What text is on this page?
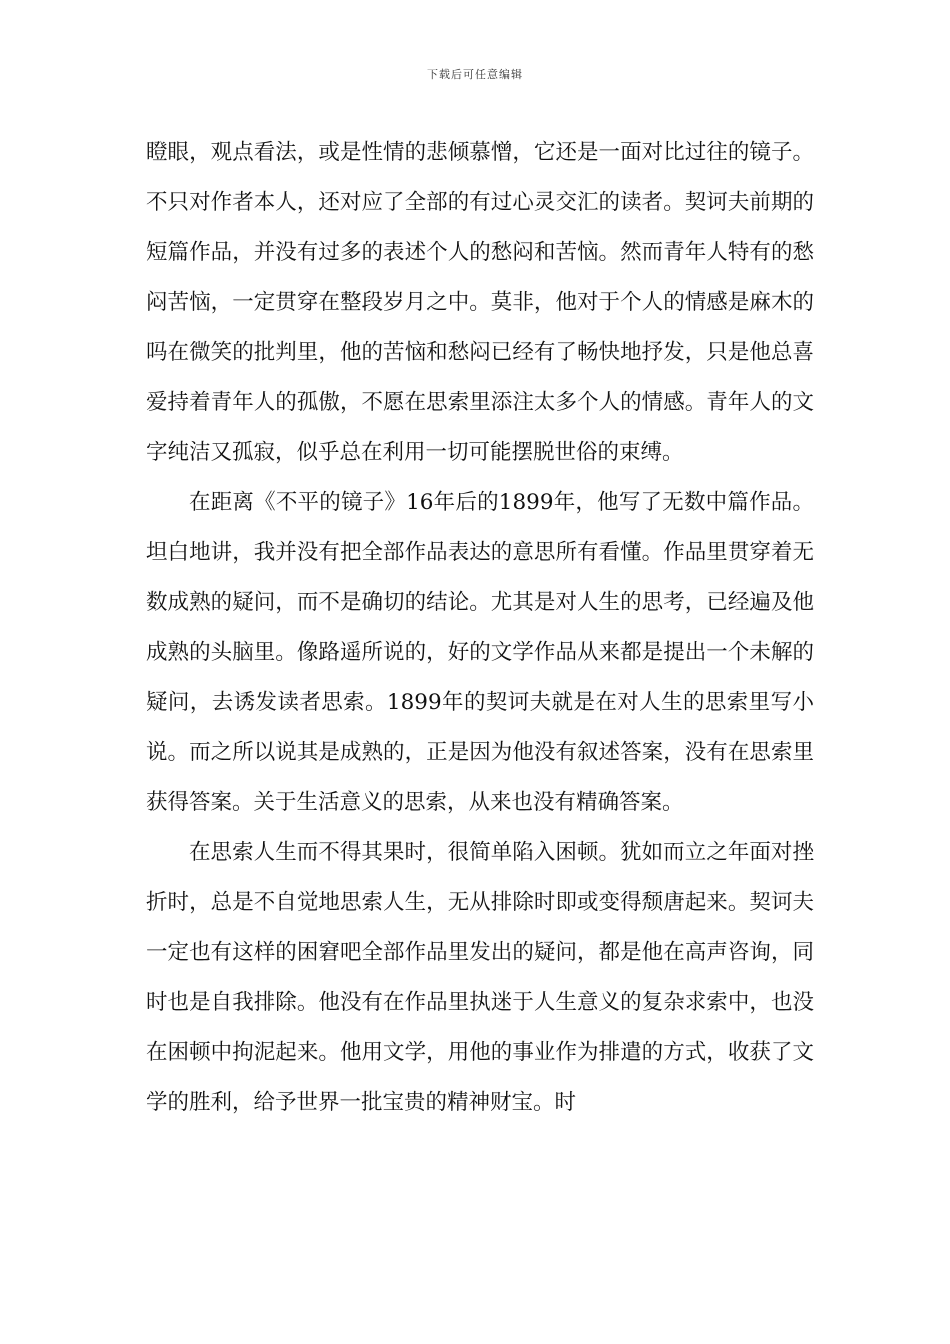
下载后可任意编辑

瞪眼，观点看法，或是性情的悲倾慕憎，它还是一面对比过往的镜子。不只对作者本人，还对应了全部的有过心灵交汇的读者。契诃夫前期的短篇作品，并没有过多的表述个人的愁闷和苦恼。然而青年人特有的愁闷苦恼，一定贯穿在整段岁月之中。莫非，他对于个人的情感是麻木的吗在微笑的批判里，他的苦恼和愁闷已经有了畅快地抒发，只是他总喜爱持着青年人的孤傲，不愿在思索里添注太多个人的情感。青年人的文字纯洁又孤寂，似乎总在利用一切可能摆脱世俗的束缚。

在距离《不平的镜子》16年后的1899年，他写了无数中篇作品。坦白地讲，我并没有把全部作品表达的意思所有看懂。作品里贯穿着无数成熟的疑问，而不是确切的结论。尤其是对人生的思考，已经遍及他成熟的头脑里。像路遥所说的，好的文学作品从来都是提出一个未解的疑问，去诱发读者思索。1899年的契诃夫就是在对人生的思索里写小说。而之所以说其是成熟的，正是因为他没有叙述答案，没有在思索里获得答案。关于生活意义的思索，从来也没有精确答案。

在思索人生而不得其果时，很简单陷入困顿。犹如而立之年面对挫折时，总是不自觉地思索人生，无从排除时即或变得颓唐起来。契诃夫一定也有这样的困窘吧全部作品里发出的疑问，都是他在高声咨询，同时也是自我排除。他没有在作品里执迷于人生意义的复杂求索中，也没在困顿中拘泥起来。他用文学，用他的事业作为排遣的方式，收获了文学的胜利，给予世界一批宝贵的精神财宝。时
